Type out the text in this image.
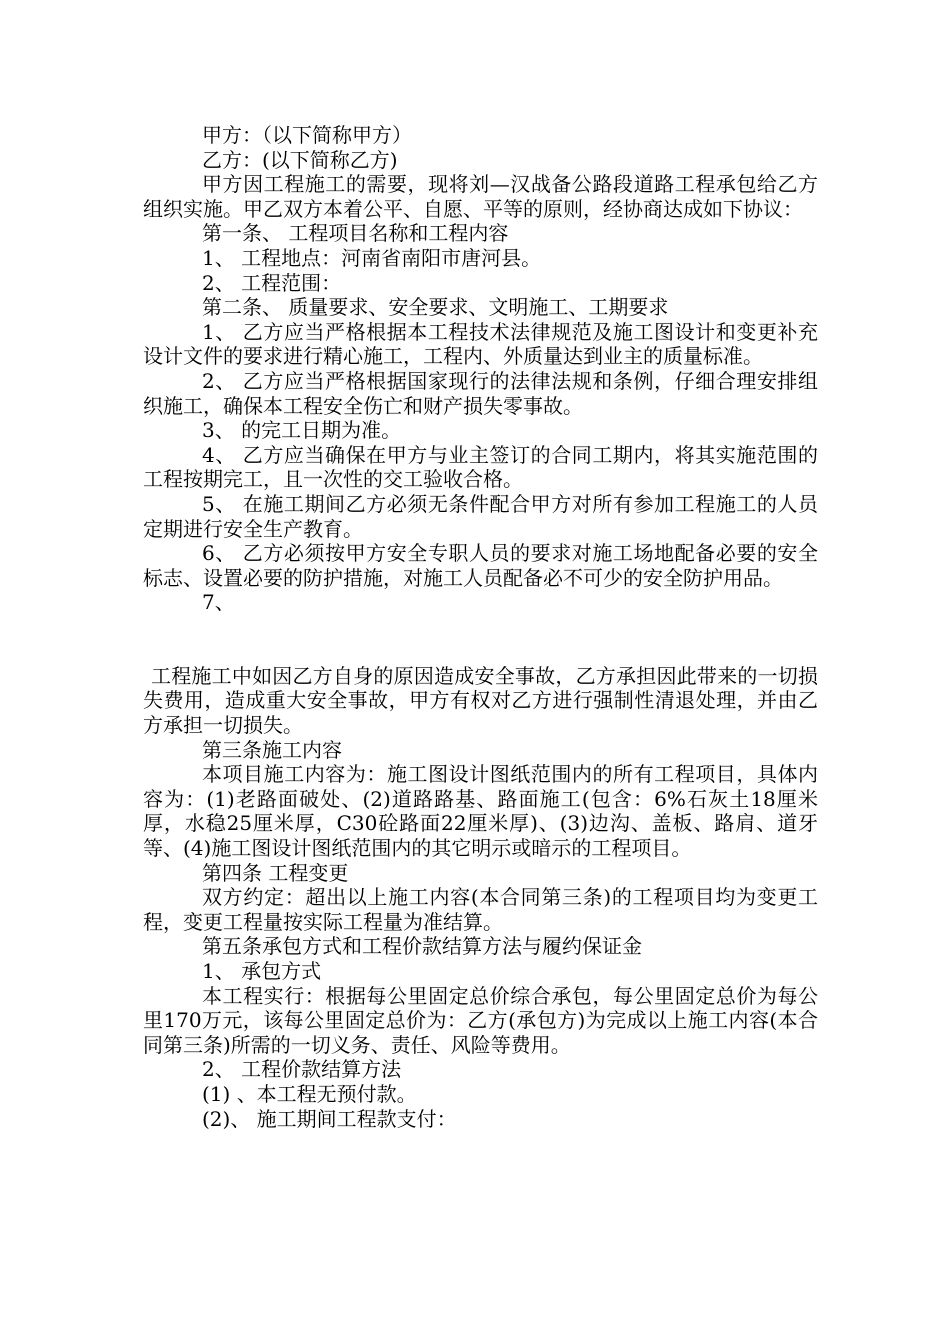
甲方：（以下简称甲方）

乙方：(以下简称乙方)

甲方因工程施工的需要，现将刘—汉战备公路段道路工程承包给乙方组织实施。甲乙双方本着公平、自愿、平等的原则，经协商达成如下协议：

第一条、 工程项目名称和工程内容

1、 工程地点：河南省南阳市唐河县。

2、 工程范围：

第二条、 质量要求、安全要求、文明施工、工期要求

1、 乙方应当严格根据本工程技术法律规范及施工图设计和变更补充设计文件的要求进行精心施工，工程内、外质量达到业主的质量标准。

2、 乙方应当严格根据国家现行的法律法规和条例，仔细合理安排组织施工，确保本工程安全伤亡和财产损失零事故。

3、 的完工日期为准。

4、 乙方应当确保在甲方与业主签订的合同工期内，将其实施范围的工程按期完工，且一次性的交工验收合格。

5、 在施工期间乙方必须无条件配合甲方对所有参加工程施工的人员定期进行安全生产教育。

6、 乙方必须按甲方安全专职人员的要求对施工场地配备必要的安全标志、设置必要的防护措施，对施工人员配备必不可少的安全防护用品。

7、

工程施工中如因乙方自身的原因造成安全事故，乙方承担因此带来的一切损失费用，造成重大安全事故，甲方有权对乙方进行强制性清退处理，并由乙方承担一切损失。

第三条施工内容

本项目施工内容为：施工图设计图纸范围内的所有工程项目，具体内容为：(1)老路面破处、(2)道路路基、路面施工(包含：6%石灰土18厘米厚，水稳25厘米厚，C30砼路面22厘米厚)、(3)边沟、盖板、路肩、道牙等、(4)施工图设计图纸范围内的其它明示或暗示的工程项目。

第四条 工程变更

双方约定：超出以上施工内容(本合同第三条)的工程项目均为变更工程，变更工程量按实际工程量为准结算。

第五条承包方式和工程价款结算方法与履约保证金

1、 承包方式

本工程实行：根据每公里固定总价综合承包，每公里固定总价为每公里170万元，该每公里固定总价为：乙方(承包方)为完成以上施工内容(本合同第三条)所需的一切义务、责任、风险等费用。

2、 工程价款结算方法

(1) 、本工程无预付款。

(2)、 施工期间工程款支付：
